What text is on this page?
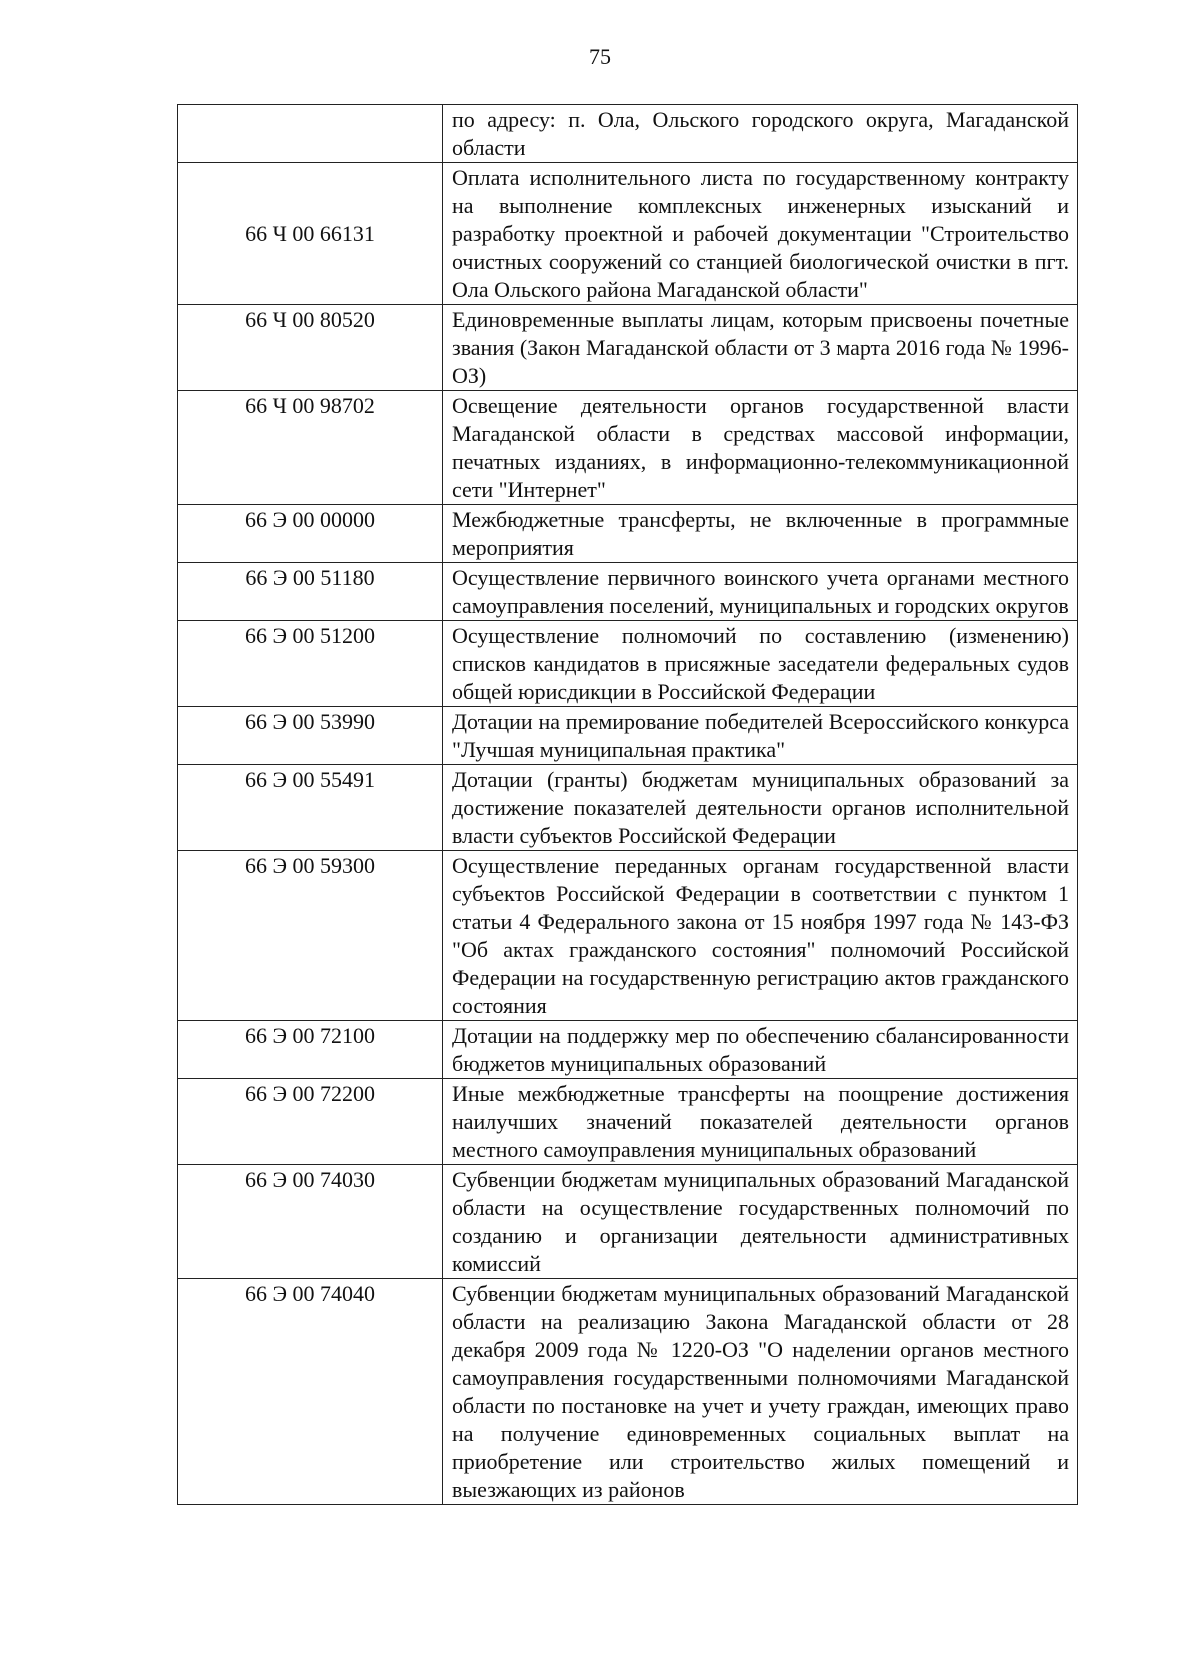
75

	по адресу: п. Ола, Ольского городского округа, Магаданской области

66 Ч 00 66131	Оплата исполнительного листа по государственному контракту на выполнение комплексных инженерных изысканий и разработку проектной и рабочей документации "Строительство очистных сооружений со станцией биологической очистки в пгт. Ола Ольского района Магаданской области"

66 Ч 00 80520	Единовременные выплаты лицам, которым присвоены почетные звания (Закон Магаданской области от 3 марта 2016 года № 1996-ОЗ)

66 Ч 00 98702	Освещение деятельности органов государственной власти Магаданской области в средствах массовой информации, печатных изданиях, в информационно-телекоммуникационной сети "Интернет"

66 Э 00 00000	Межбюджетные трансферты, не включенные в программные мероприятия

66 Э 00 51180	Осуществление первичного воинского учета органами местного самоуправления поселений, муниципальных и городских округов

66 Э 00 51200	Осуществление полномочий по составлению (изменению) списков кандидатов в присяжные заседатели федеральных судов общей юрисдикции в Российской Федерации

66 Э 00 53990	Дотации на премирование победителей Всероссийского конкурса "Лучшая муниципальная практика"

66 Э 00 55491	Дотации (гранты) бюджетам муниципальных образований за достижение показателей деятельности органов исполнительной власти субъектов Российской Федерации

66 Э 00 59300	Осуществление переданных органам государственной власти субъектов Российской Федерации в соответствии с пунктом 1 статьи 4 Федерального закона от 15 ноября 1997 года № 143-ФЗ "Об актах гражданского состояния" полномочий Российской Федерации на государственную регистрацию актов гражданского состояния

66 Э 00 72100	Дотации на поддержку мер по обеспечению сбалансированности бюджетов муниципальных образований

66 Э 00 72200	Иные межбюджетные трансферты на поощрение достижения наилучших значений показателей деятельности органов местного самоуправления муниципальных образований

66 Э 00 74030	Субвенции бюджетам муниципальных образований Магаданской области на осуществление государственных полномочий по созданию и организации деятельности административных комиссий

66 Э 00 74040	Субвенции бюджетам муниципальных образований Магаданской области на реализацию Закона Магаданской области от 28 декабря 2009 года № 1220-ОЗ "О наделении органов местного самоуправления государственными полномочиями Магаданской области по постановке на учет и учету граждан, имеющих право на получение единовременных социальных выплат на приобретение или строительство жилых помещений и выезжающих из районов
